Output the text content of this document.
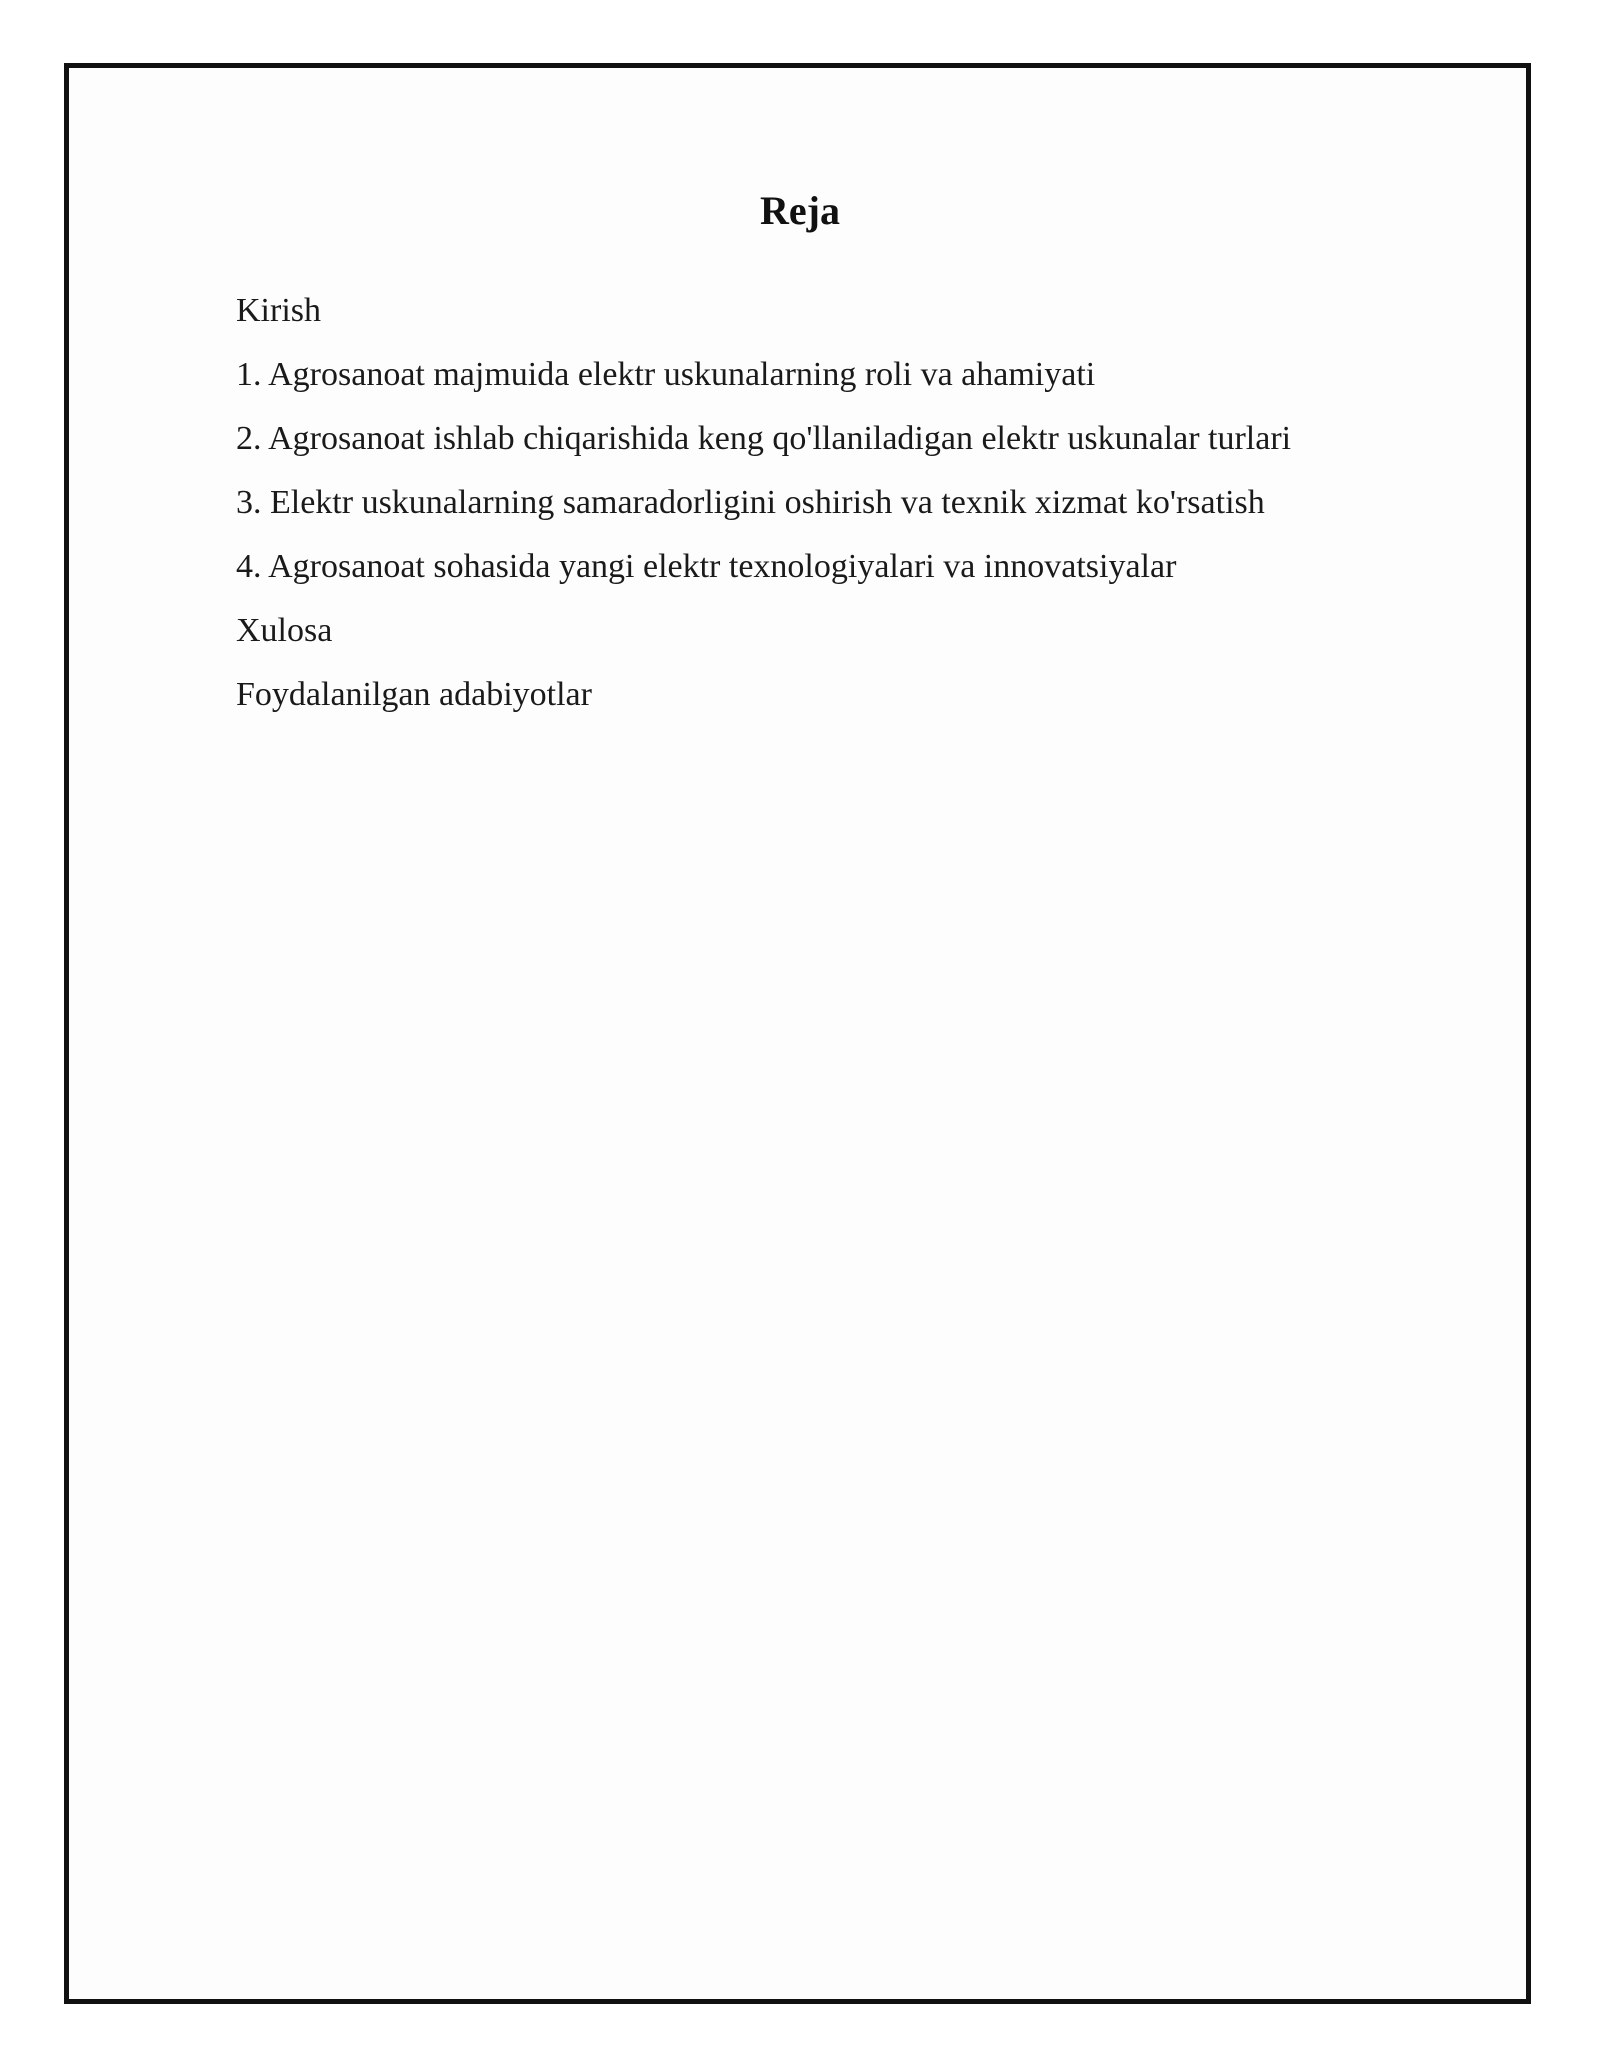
Reja
Kirish
1. Agrosanoat majmuida elektr uskunalarning roli va ahamiyati
2. Agrosanoat ishlab chiqarishida keng qo'llaniladigan elektr uskunalar turlari
3. Elektr uskunalarning samaradorligini oshirish va texnik xizmat ko'rsatish
4. Agrosanoat sohasida yangi elektr texnologiyalari va innovatsiyalar
Xulosa
Foydalanilgan adabiyotlar
